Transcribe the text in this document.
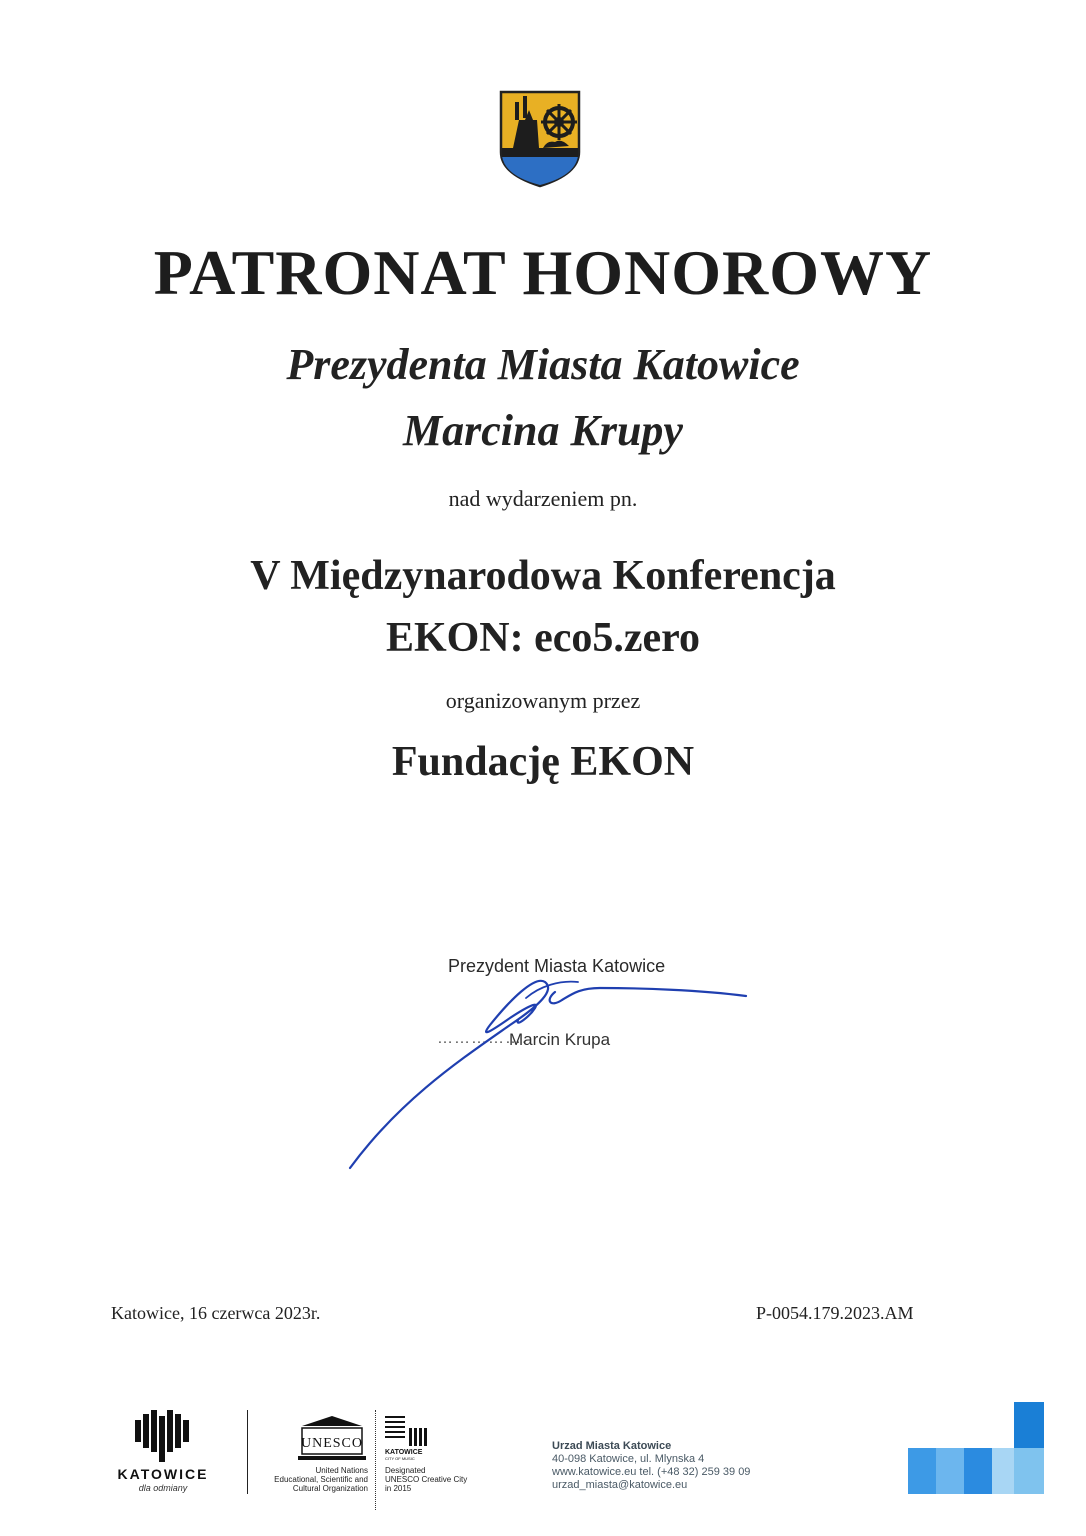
PATRONAT HONOROWY
Prezydenta Miasta Katowice
Marcina Krupy
nad wydarzeniem pn.
V Międzynarodowa Konferencja
EKON: eco5.zero
organizowanym przez
Fundację EKON
Prezydent Miasta Katowice
…………….
Marcin Krupa
Katowice, 16 czerwca 2023r.	P-0054.179.2023.AM
KATOWICE
dla odmiany
UNESCO
United Nations
Educational, Scientific and
Cultural Organization
KATOWICE
CITY OF MUSIC
Designated
UNESCO Creative City
in 2015
Urzad Miasta Katowice
40-098 Katowice, ul. Mlynska 4
www.katowice.eu tel. (+48 32) 259 39 09
urzad_miasta@katowice.eu
